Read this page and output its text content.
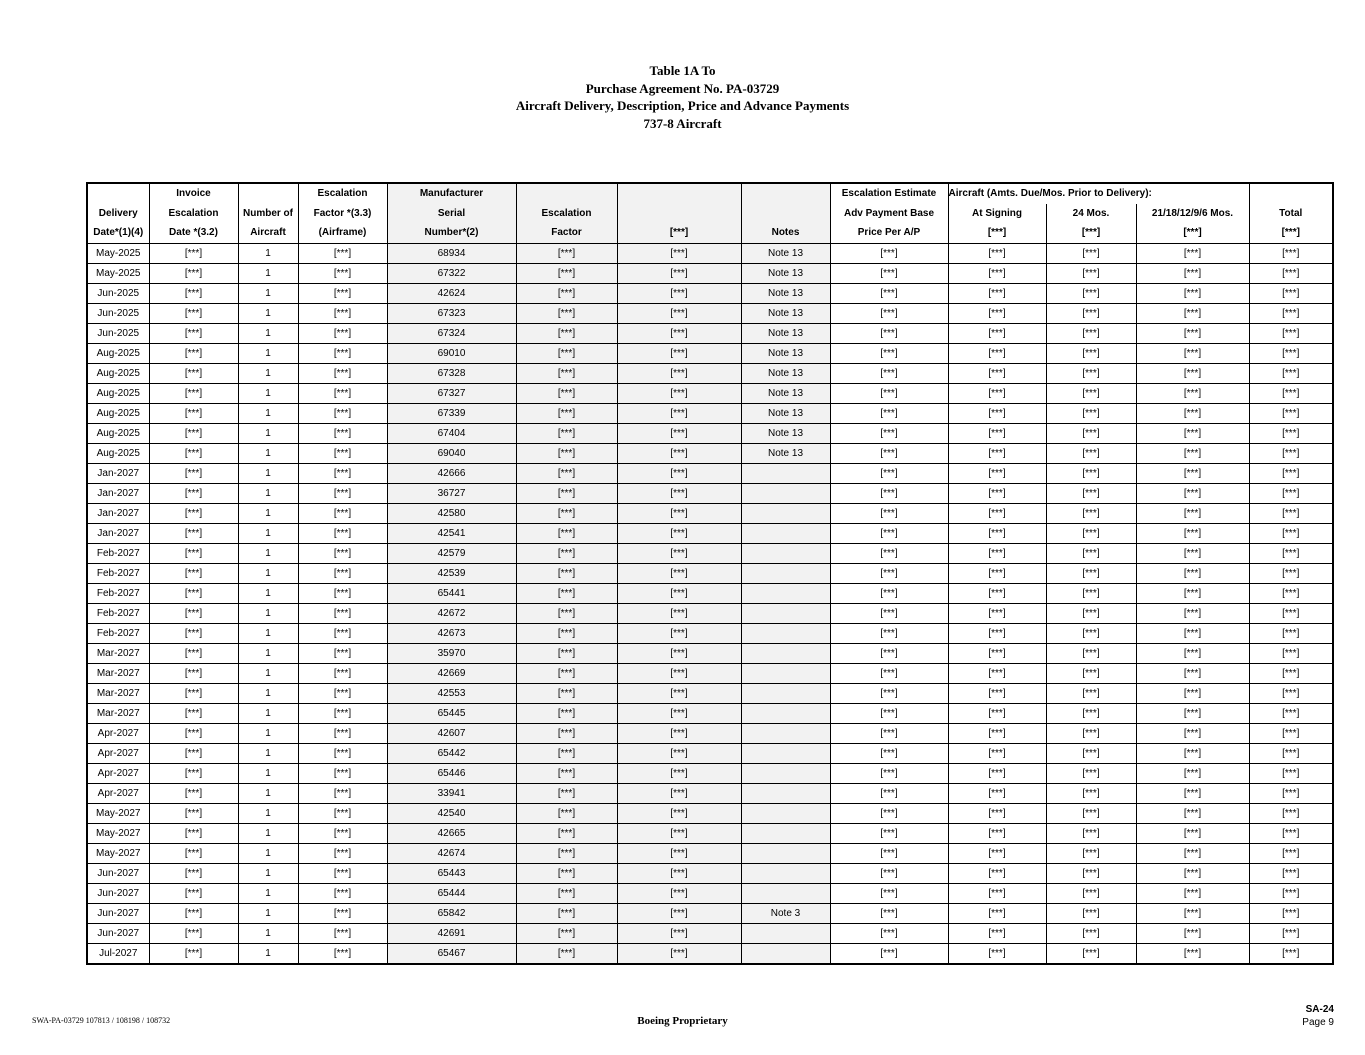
Table 1A To
Purchase Agreement No. PA-03729
Aircraft Delivery, Description, Price and Advance Payments
737-8 Aircraft
	Invoice		Escalation	Manufacturer				Escalation Estimate	Aircraft (Amts. Due/Mos. Prior to Delivery):			
Delivery	Escalation	Number of	Factor *(3.3)	Serial	Escalation			Adv Payment Base	At Signing	24 Mos.	21/18/12/9/6 Mos.	Total
Date*(1)(4)	Date *(3.2)	Aircraft	(Airframe)	Number*(2)	Factor	[***]	Notes	Price Per A/P	[***]	[***]	[***]	[***]
May-2025	[***]	1	[***]	68934	[***]	[***]	Note 13	[***]	[***]	[***]	[***]	[***]
May-2025	[***]	1	[***]	67322	[***]	[***]	Note 13	[***]	[***]	[***]	[***]	[***]
Jun-2025	[***]	1	[***]	42624	[***]	[***]	Note 13	[***]	[***]	[***]	[***]	[***]
Jun-2025	[***]	1	[***]	67323	[***]	[***]	Note 13	[***]	[***]	[***]	[***]	[***]
Jun-2025	[***]	1	[***]	67324	[***]	[***]	Note 13	[***]	[***]	[***]	[***]	[***]
Aug-2025	[***]	1	[***]	69010	[***]	[***]	Note 13	[***]	[***]	[***]	[***]	[***]
Aug-2025	[***]	1	[***]	67328	[***]	[***]	Note 13	[***]	[***]	[***]	[***]	[***]
Aug-2025	[***]	1	[***]	67327	[***]	[***]	Note 13	[***]	[***]	[***]	[***]	[***]
Aug-2025	[***]	1	[***]	67339	[***]	[***]	Note 13	[***]	[***]	[***]	[***]	[***]
Aug-2025	[***]	1	[***]	67404	[***]	[***]	Note 13	[***]	[***]	[***]	[***]	[***]
Aug-2025	[***]	1	[***]	69040	[***]	[***]	Note 13	[***]	[***]	[***]	[***]	[***]
Jan-2027	[***]	1	[***]	42666	[***]	[***]		[***]	[***]	[***]	[***]	[***]
Jan-2027	[***]	1	[***]	36727	[***]	[***]		[***]	[***]	[***]	[***]	[***]
Jan-2027	[***]	1	[***]	42580	[***]	[***]		[***]	[***]	[***]	[***]	[***]
Jan-2027	[***]	1	[***]	42541	[***]	[***]		[***]	[***]	[***]	[***]	[***]
Feb-2027	[***]	1	[***]	42579	[***]	[***]		[***]	[***]	[***]	[***]	[***]
Feb-2027	[***]	1	[***]	42539	[***]	[***]		[***]	[***]	[***]	[***]	[***]
Feb-2027	[***]	1	[***]	65441	[***]	[***]		[***]	[***]	[***]	[***]	[***]
Feb-2027	[***]	1	[***]	42672	[***]	[***]		[***]	[***]	[***]	[***]	[***]
Feb-2027	[***]	1	[***]	42673	[***]	[***]		[***]	[***]	[***]	[***]	[***]
Mar-2027	[***]	1	[***]	35970	[***]	[***]		[***]	[***]	[***]	[***]	[***]
Mar-2027	[***]	1	[***]	42669	[***]	[***]		[***]	[***]	[***]	[***]	[***]
Mar-2027	[***]	1	[***]	42553	[***]	[***]		[***]	[***]	[***]	[***]	[***]
Mar-2027	[***]	1	[***]	65445	[***]	[***]		[***]	[***]	[***]	[***]	[***]
Apr-2027	[***]	1	[***]	42607	[***]	[***]		[***]	[***]	[***]	[***]	[***]
Apr-2027	[***]	1	[***]	65442	[***]	[***]		[***]	[***]	[***]	[***]	[***]
Apr-2027	[***]	1	[***]	65446	[***]	[***]		[***]	[***]	[***]	[***]	[***]
Apr-2027	[***]	1	[***]	33941	[***]	[***]		[***]	[***]	[***]	[***]	[***]
May-2027	[***]	1	[***]	42540	[***]	[***]		[***]	[***]	[***]	[***]	[***]
May-2027	[***]	1	[***]	42665	[***]	[***]		[***]	[***]	[***]	[***]	[***]
May-2027	[***]	1	[***]	42674	[***]	[***]		[***]	[***]	[***]	[***]	[***]
Jun-2027	[***]	1	[***]	65443	[***]	[***]		[***]	[***]	[***]	[***]	[***]
Jun-2027	[***]	1	[***]	65444	[***]	[***]		[***]	[***]	[***]	[***]	[***]
Jun-2027	[***]	1	[***]	65842	[***]	[***]	Note 3	[***]	[***]	[***]	[***]	[***]
Jun-2027	[***]	1	[***]	42691	[***]	[***]		[***]	[***]	[***]	[***]	[***]
Jul-2027	[***]	1	[***]	65467	[***]	[***]		[***]	[***]	[***]	[***]	[***]
SWA-PA-03729 107813 / 108198 / 108732	Boeing Proprietary
SA-24
Page 9
